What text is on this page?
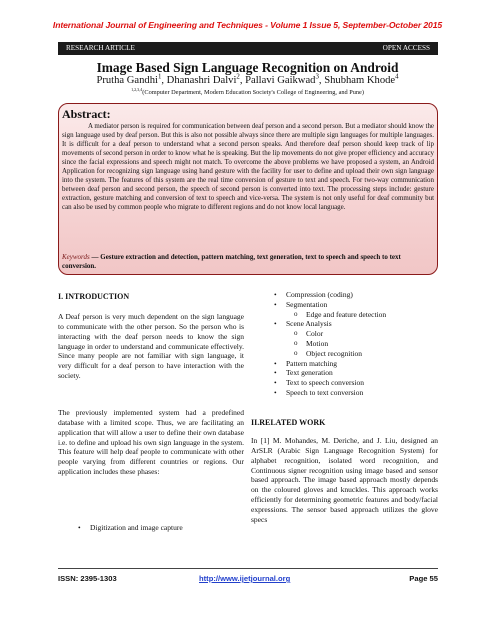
International Journal of Engineering and Techniques - Volume 1 Issue 5, September-October 2015
RESEARCH ARTICLE	OPEN ACCESS
Image Based Sign Language Recognition on Android
Prutha Gandhi$^1$, Dhanashri Dalvi$^2$, Pallavi Gaikwad$^3$, Shubham Khode$^4$
$^{1,2,3,4}$(Computer Department, Modern Education Society's College of Engineering, and Pune)
Abstract:
A mediator person is required for communication between deaf person and a second person. But a mediator should know the sign language used by deaf person. But this is also not possible always since there are multiple sign languages for multiple languages. It is difficult for a deaf person to understand what a second person speaks. And therefore deaf person should keep track of lip movements of second person in order to know what he is speaking. But the lip movements do not give proper efficiency and accuracy since the facial expressions and speech might not match. To overcome the above problems we have proposed a system, an Android Application for recognizing sign language using hand gesture with the facility for user to define and upload their own sign language into the system. The features of this system are the real time conversion of gesture to text and speech. For two-way communication between deaf person and second person, the speech of second person is converted into text. The processing steps include: gesture extraction, gesture matching and conversion of text to speech and vice-versa. The system is not only useful for deaf community but can also be used by common people who migrate to different regions and do not know local language.
Keywords — Gesture extraction and detection, pattern matching, text generation, text to speech and speech to text conversion.
I. INTRODUCTION
A Deaf person is very much dependent on the sign language to communicate with the other person. So the person who is interacting with the deaf person needs to know the sign language in order to understand and communicate effectively. Since many people are not familiar with sign language, it very difficult for a deaf person to have interaction with the society.
The previously implemented system had a predefined database with a limited scope. Thus, we are facilitating an application that will allow a user to define their own database i.e. to define and upload his own sign language in the system. This feature will help deaf people to communicate with other people varying from different countries or regions. Our application includes these phases:
• Digitization and image capture
• Compression (coding)
• Segmentation
o Edge and feature detection
• Scene Analysis
o Color
o Motion
o Object recognition
• Pattern matching
• Text generation
• Text to speech conversion
• Speech to text conversion
II.RELATED WORK
In [1] M. Mohandes, M. Deriche, and J. Liu, designed an ArSLR (Arabic Sign Language Recognition System) for alphabet recognition, isolated word recognition, and Continuous signer recognition using image based and sensor based approach. The image based approach mostly depends on the coloured gloves and knuckles. This approach works efficiently for determining geometric features and body/facial expressions. The sensor based approach utilizes the glove specs
ISSN: 2395-1303	http://www.ijetjournal.org	Page 55
